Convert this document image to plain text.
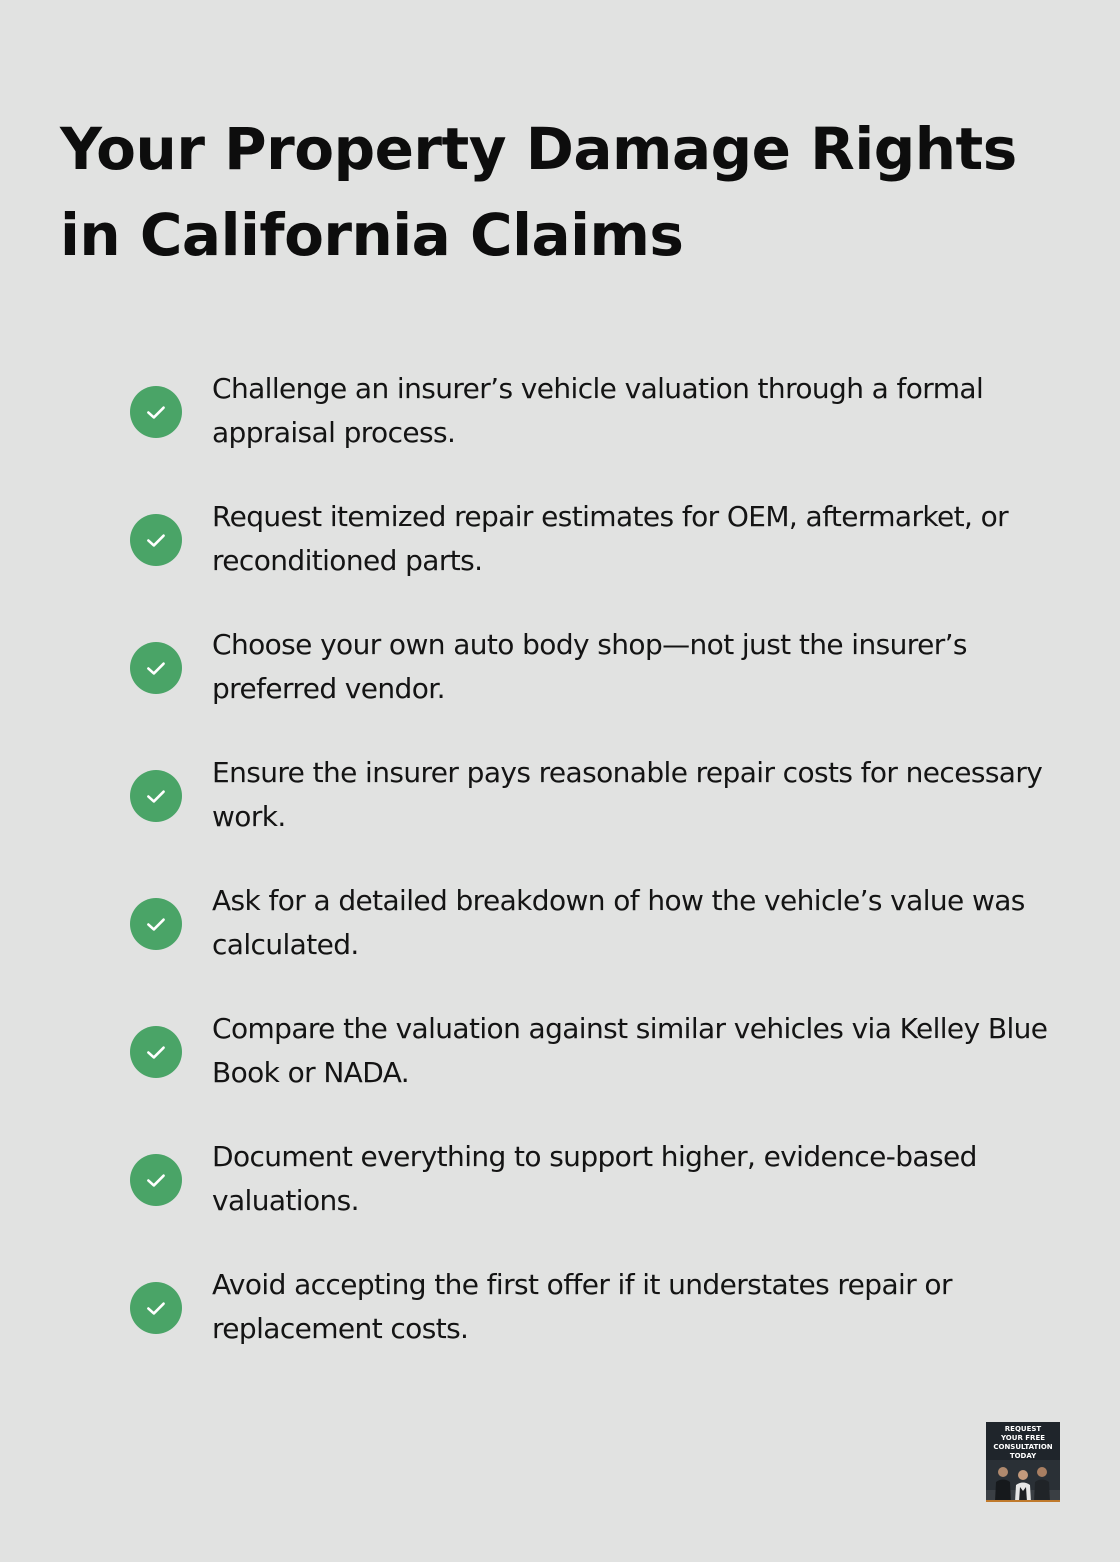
Your Property Damage Rights in California Claims
Challenge an insurer’s vehicle valuation through a formal appraisal process.
Request itemized repair estimates for OEM, aftermarket, or reconditioned parts.
Choose your own auto body shop—not just the insurer’s preferred vendor.
Ensure the insurer pays reasonable repair costs for necessary work.
Ask for a detailed breakdown of how the vehicle’s value was calculated.
Compare the valuation against similar vehicles via Kelley Blue Book or NADA.
Document everything to support higher, evidence-based valuations.
Avoid accepting the first offer if it understates repair or replacement costs.
REQUEST
YOUR FREE
CONSULTATION
TODAY
